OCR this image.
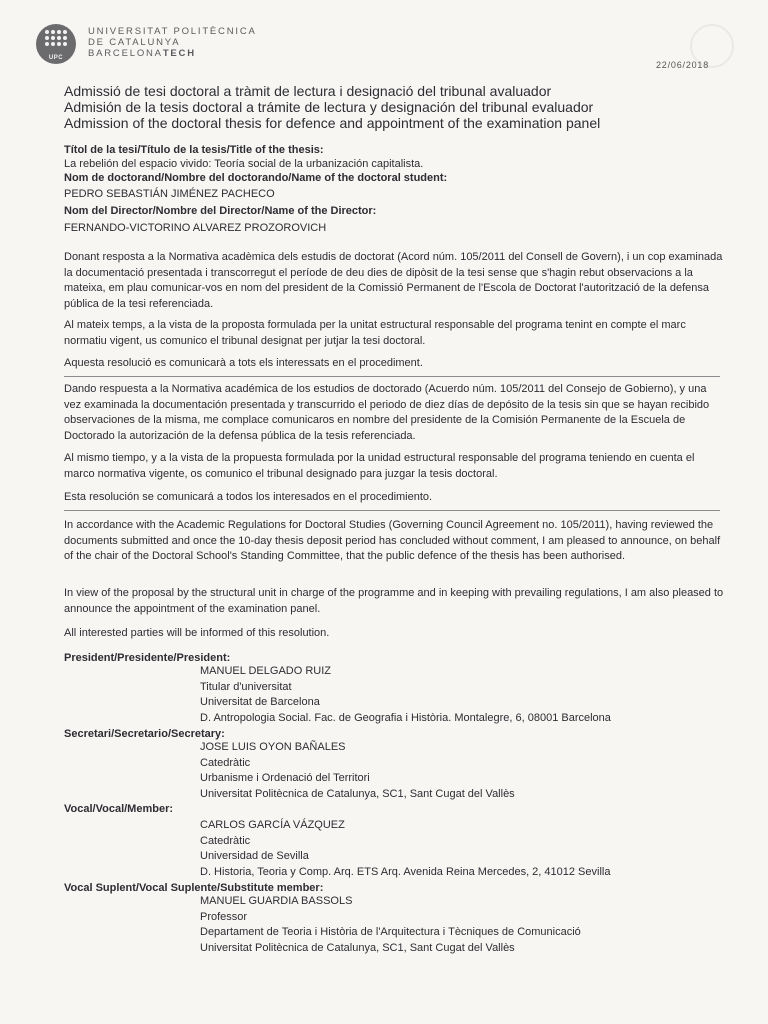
UPC
UNIVERSITAT POLITÈCNICA
DE CATALUNYA
BARCELONATECH
22/06/2018
Admissió de tesi doctoral a tràmit de lectura i designació del tribunal avaluador
Admisión de la tesis doctoral a trámite de lectura y designación del tribunal evaluador
Admission of the doctoral thesis for defence and appointment of the examination panel
Títol de la tesi/Título de la tesis/Title of the thesis:
La rebelión del espacio vivido: Teoría social de la urbanización capitalista.
Nom de doctorand/Nombre del doctorando/Name of the doctoral student:
PEDRO SEBASTIÁN JIMÉNEZ PACHECO
Nom del Director/Nombre del Director/Name of the Director:
FERNANDO-VICTORINO ALVAREZ PROZOROVICH

Donant resposta a la Normativa acadèmica dels estudis de doctorat (Acord núm. 105/2011 del Consell de Govern), i un cop examinada la documentació presentada i transcorregut el període de deu dies de dipòsit de la tesi sense que s'hagin rebut observacions a la mateixa, em plau comunicar-vos en nom del president de la Comissió Permanent de l'Escola de Doctorat l'autorització de la defensa pública de la tesi referenciada.

Al mateix temps, a la vista de la proposta formulada per la unitat estructural responsable del programa tenint en compte el marc normatiu vigent, us comunico el tribunal designat per jutjar la tesi doctoral.

Aquesta resolució es comunicarà a tots els interessats en el procediment.

Dando respuesta a la Normativa académica de los estudios de doctorado (Acuerdo núm. 105/2011 del Consejo de Gobierno), y una vez examinada la documentación presentada y transcurrido el periodo de diez días de depósito de la tesis sin que se hayan recibido observaciones de la misma, me complace comunicaros en nombre del presidente de la Comisión Permanente de la Escuela de Doctorado la autorización de la defensa pública de la tesis referenciada.

Al mismo tiempo, y a la vista de la propuesta formulada por la unidad estructural responsable del programa teniendo en cuenta el marco normativa vigente, os comunico el tribunal designado para juzgar la tesis doctoral.

Esta resolución se comunicará a todos los interesados en el procedimiento.

In accordance with the Academic Regulations for Doctoral Studies (Governing Council Agreement no. 105/2011), having reviewed the documents submitted and once the 10-day thesis deposit period has concluded without comment, I am pleased to announce, on behalf of the chair of the Doctoral School's Standing Committee, that the public defence of the thesis has been authorised.

In view of the proposal by the structural unit in charge of the programme and in keeping with prevailing regulations, I am also pleased to announce the appointment of the examination panel.

All interested parties will be informed of this resolution.

President/Presidente/President:
MANUEL DELGADO RUIZ
Titular d'universitat
Universitat de Barcelona
D. Antropologia Social. Fac. de Geografia i Història. Montalegre, 6, 08001 Barcelona
Secretari/Secretario/Secretary:
JOSE LUIS OYON BAÑALES
Catedràtic
Urbanisme i Ordenació del Territori
Universitat Politècnica de Catalunya, SC1, Sant Cugat del Vallès
Vocal/Vocal/Member:
CARLOS GARCÍA VÁZQUEZ
Catedràtic
Universidad de Sevilla
D. Historia, Teoria y Comp. Arq. ETS Arq. Avenida Reina Mercedes, 2, 41012 Sevilla
Vocal Suplent/Vocal Suplente/Substitute member:
MANUEL GUARDIA BASSOLS
Professor
Departament de Teoria i Història de l'Arquitectura i Tècniques de Comunicació
Universitat Politècnica de Catalunya, SC1, Sant Cugat del Vallès
